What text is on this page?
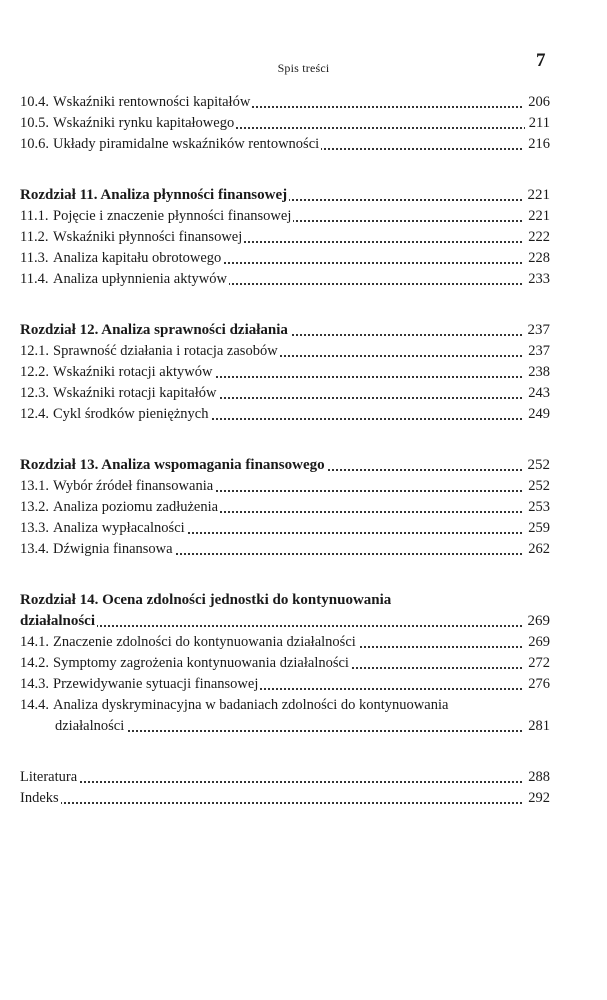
Spis treści	7
10.4. Wskaźniki rentowności kapitałów	206
10.5. Wskaźniki rynku kapitałowego	211
10.6. Układy piramidalne wskaźników rentowności	216
Rozdział 11. Analiza płynności finansowej	221
11.1. Pojęcie i znaczenie płynności finansowej	221
11.2. Wskaźniki płynności finansowej	222
11.3. Analiza kapitału obrotowego	228
11.4. Analiza upłynnienia aktywów	233
Rozdział 12. Analiza sprawności działania	237
12.1. Sprawność działania i rotacja zasobów	237
12.2. Wskaźniki rotacji aktywów	238
12.3. Wskaźniki rotacji kapitałów	243
12.4. Cykl środków pieniężnych	249
Rozdział 13. Analiza wspomagania finansowego	252
13.1. Wybór źródeł finansowania	252
13.2. Analiza poziomu zadłużenia	253
13.3. Analiza wypłacalności	259
13.4. Dźwignia finansowa	262
Rozdział 14. Ocena zdolności jednostki do kontynuowania
działalności	269
14.1. Znaczenie zdolności do kontynuowania działalności	269
14.2. Symptomy zagrożenia kontynuowania działalności	272
14.3. Przewidywanie sytuacji finansowej	276
14.4. Analiza dyskryminacyjna w badaniach zdolności do kontynuowania
działalności	281
Literatura	288
Indeks	292
